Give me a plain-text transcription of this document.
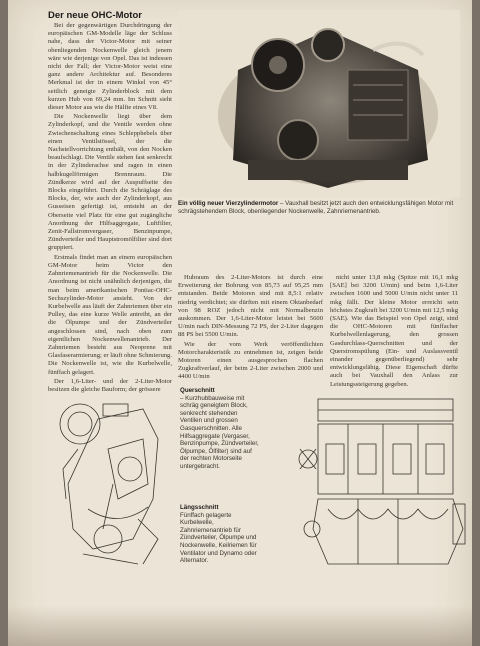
Der neue OHC-Motor

Bei der gegenwärtigen Durchdringung der europäischen GM-Modelle läge der Schluss nahe, dass der Victor-Motor mit seiner obenliegenden Nockenwelle gleich jenem wäre wie derjenige von Opel. Das ist indessen nicht der Fall; der Victor-Motor weist eine ganz andere Architektur auf. Besonderes Merkmal ist der in einem Winkel von 45° seitlich geneigte Zylinderblock mit dem kurzen Hub von 69,24 mm. Im Schnitt sieht dieser Motor aus wie die Hälfte eines V8.

Die Nockenwelle liegt über dem Zylinderkopf, und die Ventile werden ohne Zwischenschaltung eines Schlepphebels über einen Ventilstössel, der die Nachstellvorrichtung enthält, von den Nocken beaufschlagt. Die Ventile stehen fast senkrecht in der Zylinderachse und ragen in einen halbkugelförmigen Brennraum. Die Zündkerze wird auf der Auspuffseite des Blocks eingeführt. Durch die Schräglage des Blocks, der, wie auch der Zylinderkopf, aus Gusseisen gefertigt ist, entsteht an der Oberseite viel Platz für eine gut zugängliche Anordnung der Hilfsaggregate, Luftfilter, Zenit-Fallstromvergaser, Benzinpumpe, Zündverteiler und Hauptstromölfilter sind dort gruppiert.

Erstmals findet man an einem europäischen GM-Motor beim Victor den Zahnriemenantrieb für die Nockenwelle. Die Anordnung ist nicht unähnlich derjenigen, die man beim amerikanischen Pontiac-OHC-Sechszylinder-Motor ansieht. Von der Kurbelwelle aus läuft der Zahnriemen über ein Pulley, das eine kurze Welle antreibt, an der die Ölpumpe und der Zündverteiler angeschlossen sind, nach oben zum eigentlichen Nockenwellenantrieb. Der Zahnriemen besteht aus Neoprene mit Glasfaserarmierung; er läuft ohne Schmierung. Die Nockenwelle ist, wie die Kurbelwelle, fünffach gelagert.

Der 1,6-Liter- und der 2-Liter-Motor besitzen die gleiche Bauform; der grössere

Ein völlig neuer Vierzylindermotor – Vauxhall besitzt jetzt auch den entwicklungsfähigen Motor mit schrägstehendem Block, obenliegender Nockenwelle, Zahnriemenantrieb.

Hubraum des 2-Liter-Motors ist durch eine Erweiterung der Bohrung von 85,73 auf 95,25 mm entstanden. Beide Motoren sind mit 8,5:1 relativ niedrig verdichtet; sie dürften mit einem Oktanbedarf von 98 ROZ jedoch nicht mit Normalbenzin auskommen. Der 1,6-Liter-Motor leistet bei 5600 U/min nach DIN-Messung 72 PS, der 2-Liter dagegen 88 PS bei 5500 U/min.

Wie der vom Werk veröffentlichten Motorcharakteristik zu entnehmen ist, zeigen beide Motoren einen ausgesprochen flachen Zugkraftverlauf, der beim 2-Liter zwischen 2000 und 4400 U/min

nicht unter 13,8 mkg (Spitze mit 16,1 mkg [SAE] bei 3200 U/min) und beim 1,6-Liter zwischen 1600 und 5000 U/min nicht unter 11 mkg fällt. Der kleine Motor erreicht sein höchstes Zugkraft bei 3200 U/min mit 12,5 mkg (SAE). Wie das Beispiel von Opel zeigt, sind die OHC-Motoren mit fünffacher Kurbelwellenlagerung, den grossen Gasdurchlass-Querschnitten und der Querstromspülung (Ein- und Auslassventil einander gegenüberliegend) sehr entwicklungsfähig. Diese Eigenschaft dürfte auch bei Vauxhall den Anlass zur Leistungssteigerung gegeben.

Querschnitt
– Kurzhubbauweise mit schräg geneigtem Block, senkrecht stehenden Ventilen und grossen Gasquerschnitten. Alle Hilfsaggregate (Vergaser, Benzinpumpe, Zündverteiler, Ölpumpe, Ölfilter) sind auf der rechten Motorseite untergebracht.

Längsschnitt
Fünffach gelagerte Kurbelwelle, Zahnriemenantrieb für Zündverteiler, Ölpumpe und Nockenwelle, Keilriemen für Ventilator und Dynamo oder Alternator.
